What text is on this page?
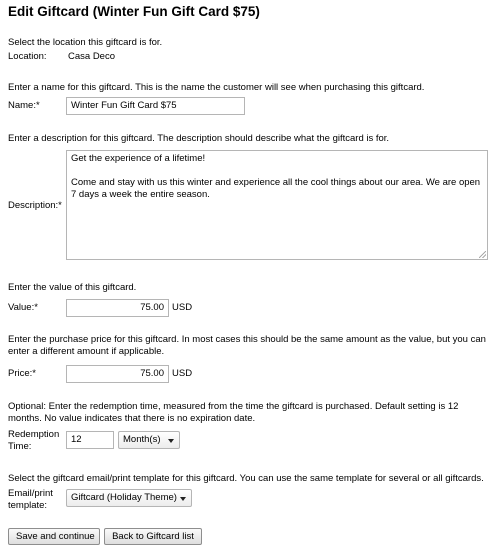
Edit Giftcard (Winter Fun Gift Card $75)
Select the location this giftcard is for.
Location: Casa Deco
Enter a name for this giftcard. This is the name the customer will see when purchasing this giftcard.
Name:*	Winter Fun Gift Card $75
Enter a description for this giftcard. The description should describe what the giftcard is for.
Description:*

Get the experience of a lifetime!

Come and stay with us this winter and experience all the cool things about our area. We are open 7 days a week the entire season.

Enter the value of this giftcard.
Value:*	75.00 USD
Enter the purchase price for this giftcard. In most cases this should be the same amount as the value, but you can enter a different amount if applicable.
Price:*	75.00 USD
Optional: Enter the redemption time, measured from the time the giftcard is purchased. Default setting is 12 months. No value indicates that there is no expiration date.
Redemption
Time:
12	Month(s)
Select the giftcard email/print template for this giftcard. You can use the same template for several or all giftcards.
Email/print
template:
Giftcard (Holiday Theme)
Save and continue	Back to Giftcard list
